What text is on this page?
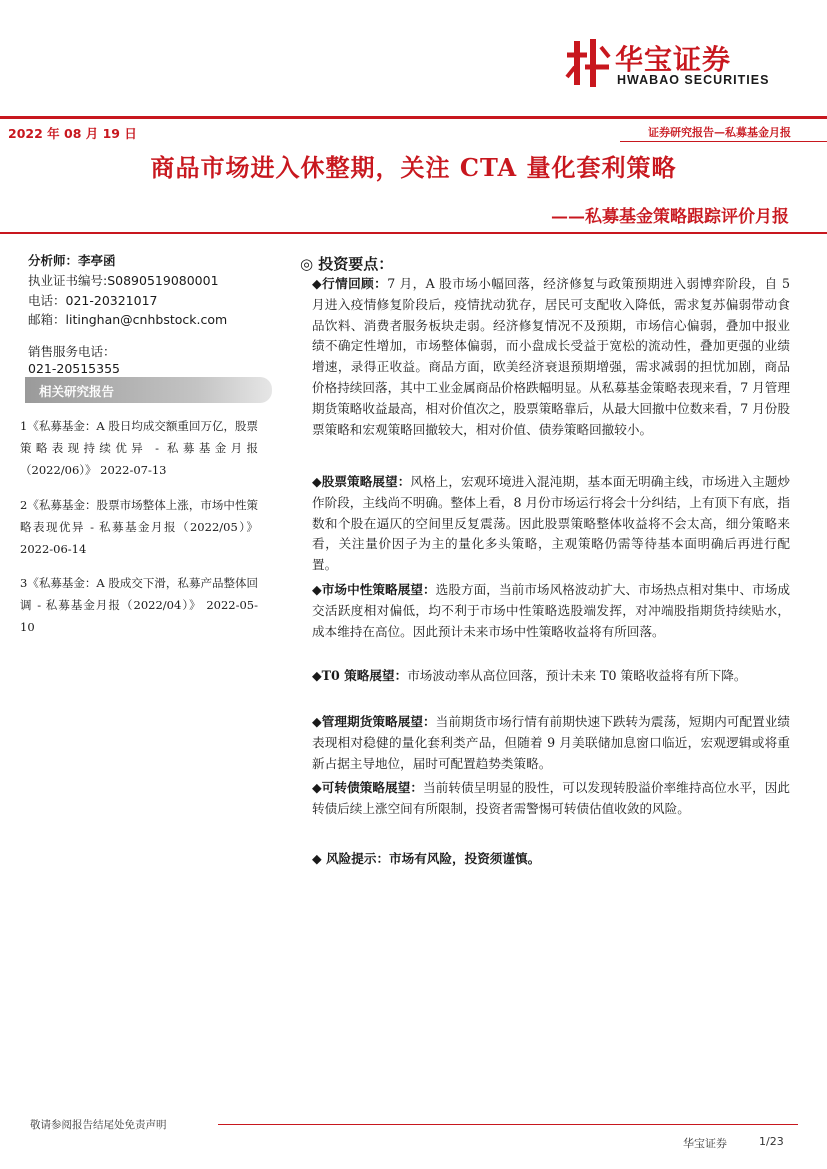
华宝证券
HWABAO SECURITIES
2022 年 08 月 19 日	证券研究报告—私募基金月报
商品市场进入休整期，关注 CTA 量化套利策略
——私募基金策略跟踪评价月报
分析师：李亭函
执业证书编号:S0890519080001
电话：021-20321017
邮箱：litinghan@cnhbstock.com
销售服务电话：
021-20515355
相关研究报告
1《私募基金：A 股日均成交额重回万亿，股票策略表现持续优异 - 私募基金月报（2022/06）》 2022-07-13
2《私募基金：股票市场整体上涨，市场中性策略表现优异 - 私募基金月报（2022/05）》 2022-06-14
3《私募基金：A 股成交下滑，私募产品整体回调 - 私募基金月报（2022/04）》 2022-05-10
◎ 投资要点：
◆行情回顾：7 月，A 股市场小幅回落，经济修复与政策预期进入弱博弈阶段，自 5 月进入疫情修复阶段后，疫情扰动犹存，居民可支配收入降低，需求复苏偏弱带动食品饮料、消费者服务板块走弱。经济修复情况不及预期，市场信心偏弱，叠加中报业绩不确定性增加，市场整体偏弱，而小盘成长受益于宽松的流动性，叠加更强的业绩增速，录得正收益。商品方面，欧美经济衰退预期增强，需求减弱的担忧加剧，商品价格持续回落，其中工业金属商品价格跌幅明显。从私募基金策略表现来看，7 月管理期货策略收益最高，相对价值次之，股票策略靠后，从最大回撤中位数来看，7 月份股票策略和宏观策略回撤较大，相对价值、债券策略回撤较小。
◆股票策略展望：风格上，宏观环境进入混沌期，基本面无明确主线，市场进入主题炒作阶段，主线尚不明确。整体上看，8 月份市场运行将会十分纠结，上有顶下有底，指数和个股在逼仄的空间里反复震荡。因此股票策略整体收益将不会太高，细分策略来看，关注量价因子为主的量化多头策略，主观策略仍需等待基本面明确后再进行配置。
◆市场中性策略展望：选股方面，当前市场风格波动扩大、市场热点相对集中、市场成交活跃度相对偏低，均不利于市场中性策略选股端发挥，对冲端股指期货持续贴水，成本维持在高位。因此预计未来市场中性策略收益将有所回落。
◆T0 策略展望：市场波动率从高位回落，预计未来 T0 策略收益将有所下降。
◆管理期货策略展望：当前期货市场行情有前期快速下跌转为震荡，短期内可配置业绩表现相对稳健的量化套利类产品，但随着 9 月美联储加息窗口临近，宏观逻辑或将重新占据主导地位，届时可配置趋势类策略。
◆可转债策略展望：当前转债呈明显的股性，可以发现转股溢价率维持高位水平，因此转债后续上涨空间有所限制，投资者需警惕可转债估值收敛的风险。
◆ 风险提示：市场有风险，投资须谨慎。
敬请参阅报告结尾处免责声明
华宝证券	1/23
